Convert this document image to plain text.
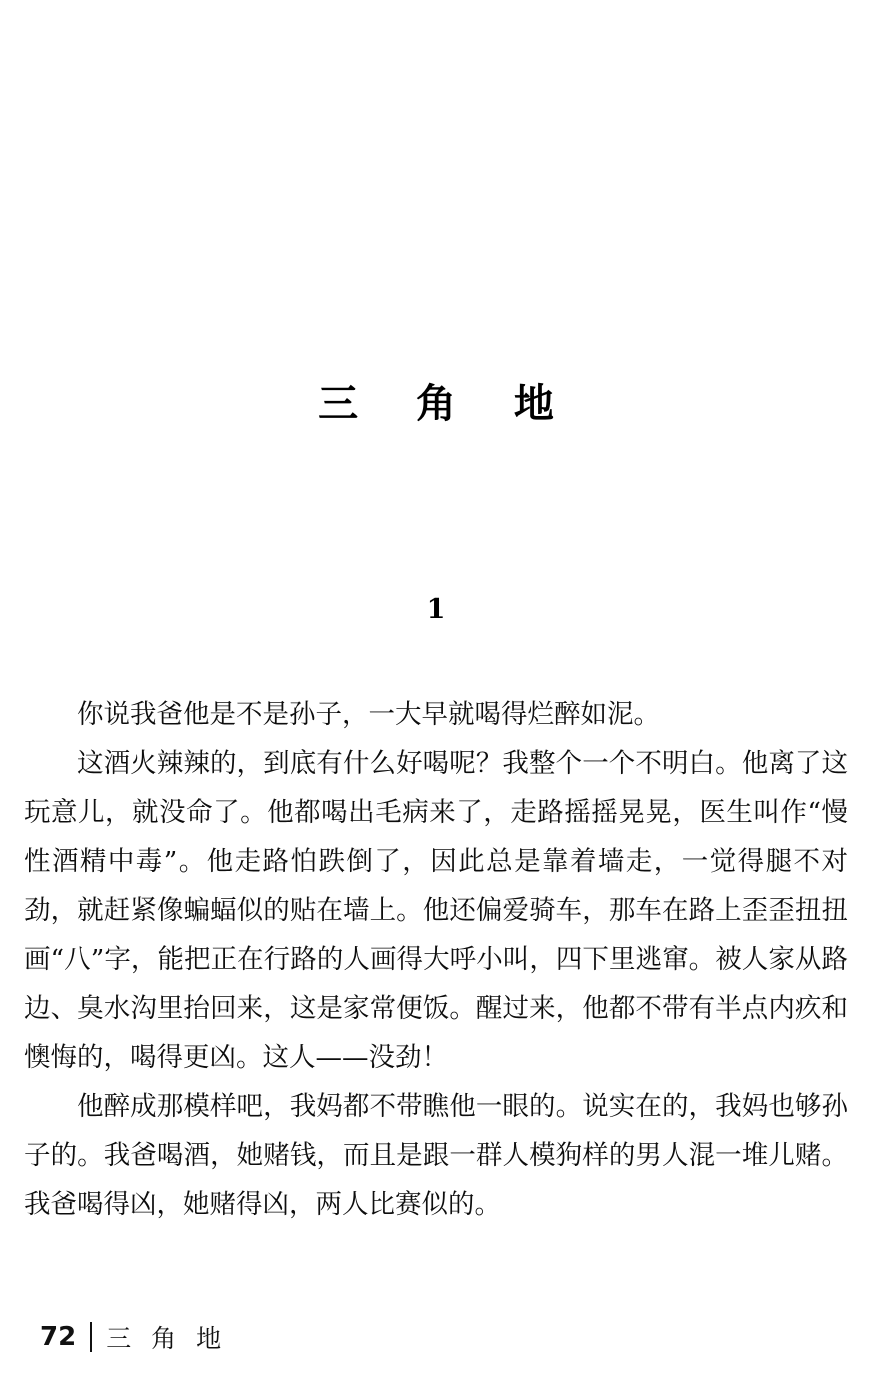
三 角 地
1

你说我爸他是不是孙子，一大早就喝得烂醉如泥。

这酒火辣辣的，到底有什么好喝呢？我整个一个不明白。他离了这玩意儿，就没命了。他都喝出毛病来了，走路摇摇晃晃，医生叫作“慢性酒精中毒”。他走路怕跌倒了，因此总是靠着墙走，一觉得腿不对劲，就赶紧像蝙蝠似的贴在墙上。他还偏爱骑车，那车在路上歪歪扭扭画“八”字，能把正在行路的人画得大呼小叫，四下里逃窜。被人家从路边、臭水沟里抬回来，这是家常便饭。醒过来，他都不带有半点内疚和懊悔的，喝得更凶。这人——没劲！

他醉成那模样吧，我妈都不带瞧他一眼的。说实在的，我妈也够孙子的。我爸喝酒，她赌钱，而且是跟一群人模狗样的男人混一堆儿赌。我爸喝得凶，她赌得凶，两人比赛似的。

72 三 角 地
